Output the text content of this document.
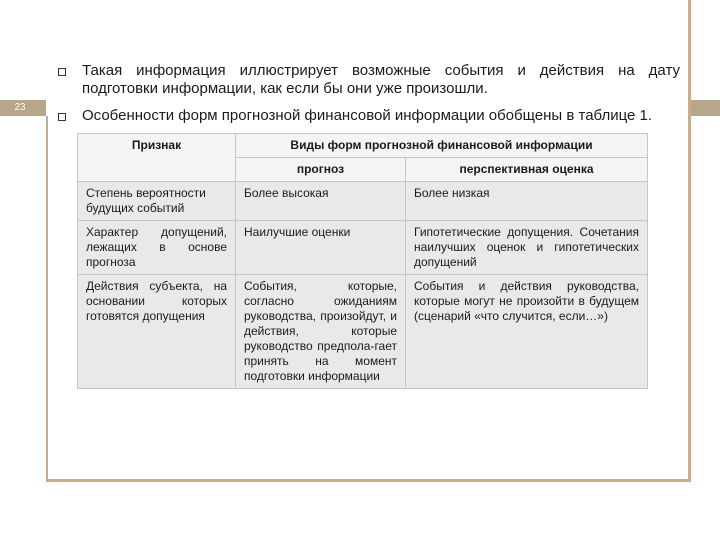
23
Такая информация иллюстрирует возможные события и действия на дату подготовки информации, как если бы они уже произошли.
Особенности форм прогнозной финансовой информации обобщены в таблице 1.
Признак	Виды форм прогнозной финансовой информации	
	прогноз	перспективная оценка
Степень вероятности будущих событий	Более высокая	Более низкая
Характер допущений, лежащих в основе прогноза	Наилучшие оценки	Гипотетические допущения. Сочетания наилучших оценок и гипотетических допущений
Действия субъекта, на основании которых готовятся допущения	События, которые, согласно ожиданиям руководства, произойдут, и действия, которые руководство предпола-гает принять на момент подготовки информации	События и действия руководства, которые могут не произойти в будущем (сценарий «что случится, если…»)
